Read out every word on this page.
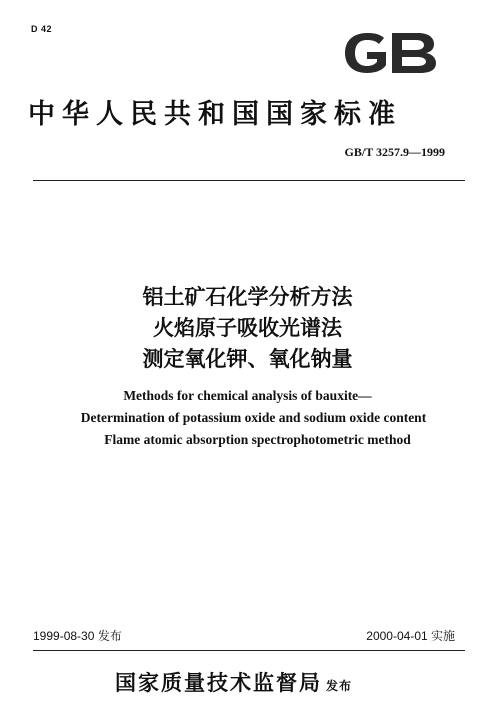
D 42	GB
中华人民共和国国家标准
GB/T 3257.9—1999
铝土矿石化学分析方法
火焰原子吸收光谱法
测定氧化钾、氧化钠量
Methods for chemical analysis of bauxite—
Determination of potassium oxide and sodium oxide content
Flame atomic absorption spectrophotometric method
1999-08-30 发布	2000-04-01 实施
国家质量技术监督局 发布
